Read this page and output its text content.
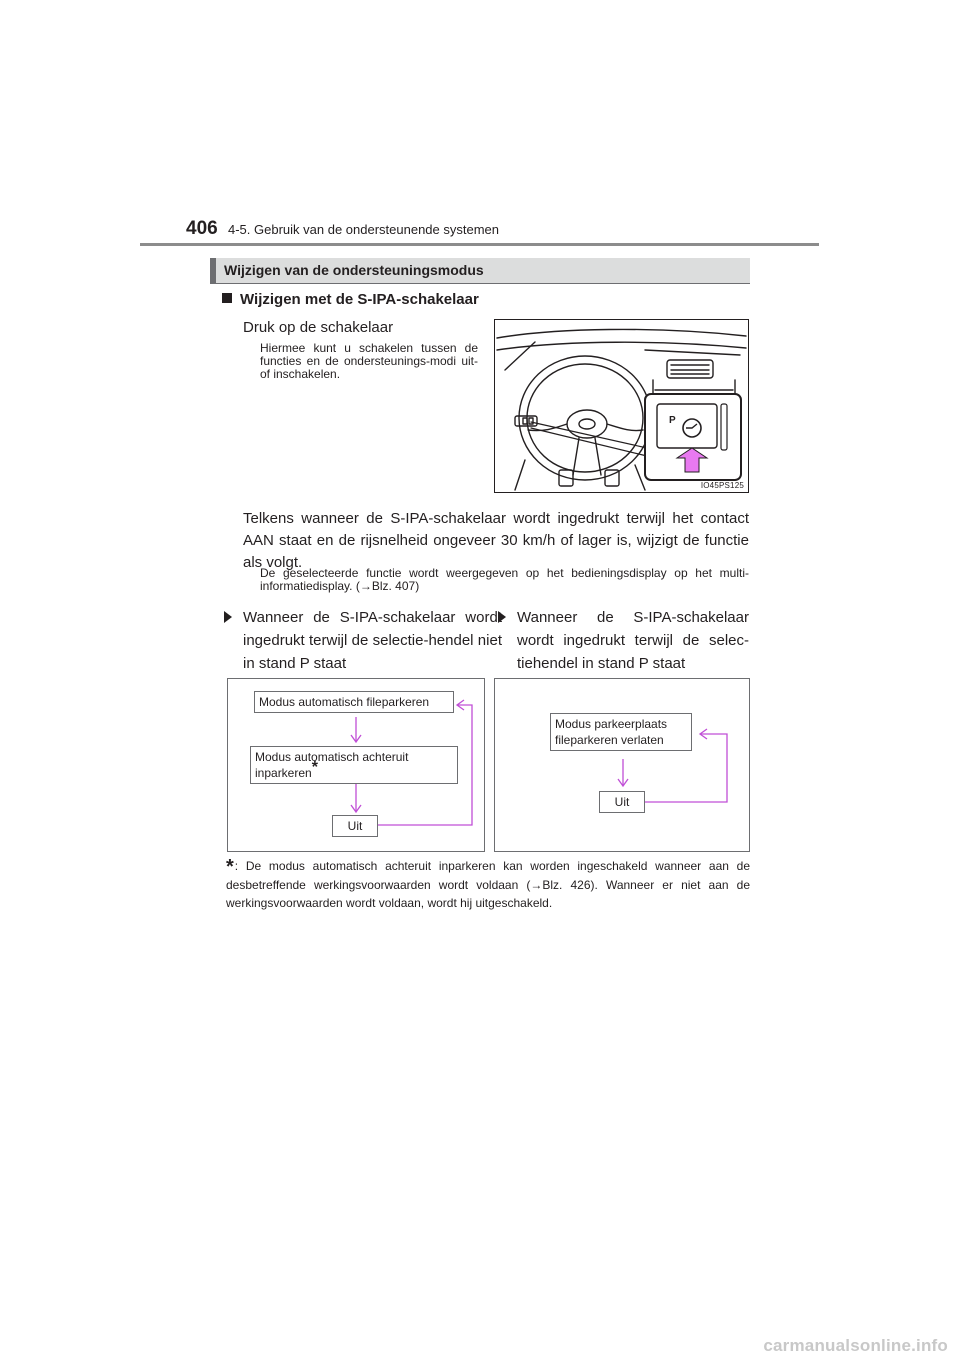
406 4-5. Gebruik van de ondersteunende systemen
Wijzigen van de ondersteuningsmodus
Wijzigen met de S-IPA-schakelaar
Druk op de schakelaar
Hiermee kunt u schakelen tussen de functies en de ondersteunings-modi uit- of inschakelen.
P
IO45PS125
Telkens wanneer de S-IPA-schakelaar wordt ingedrukt terwijl het contact AAN staat en de rijsnelheid ongeveer 30 km/h of lager is, wijzigt de functie als volgt.
De geselecteerde functie wordt weergegeven op het bedieningsdisplay op het multi-informatiedisplay. (→Blz. 407)
Wanneer de S-IPA-schakelaar wordt ingedrukt terwijl de selectie-hendel niet in stand P staat
Wanneer de S-IPA-schakelaar wordt ingedrukt terwijl de selec-tiehendel in stand P staat
Modus automatisch fileparkeren
Modus automatisch achteruit
inparkeren*
Uit
Modus parkeerplaats
fileparkeren verlaten
Uit
*: De modus automatisch achteruit inparkeren kan worden ingeschakeld wanneer aan de desbetreffende werkingsvoorwaarden wordt voldaan (→Blz. 426). Wanneer er niet aan de werkingsvoorwaarden wordt voldaan, wordt hij uitgeschakeld.
carmanualsonline.info
